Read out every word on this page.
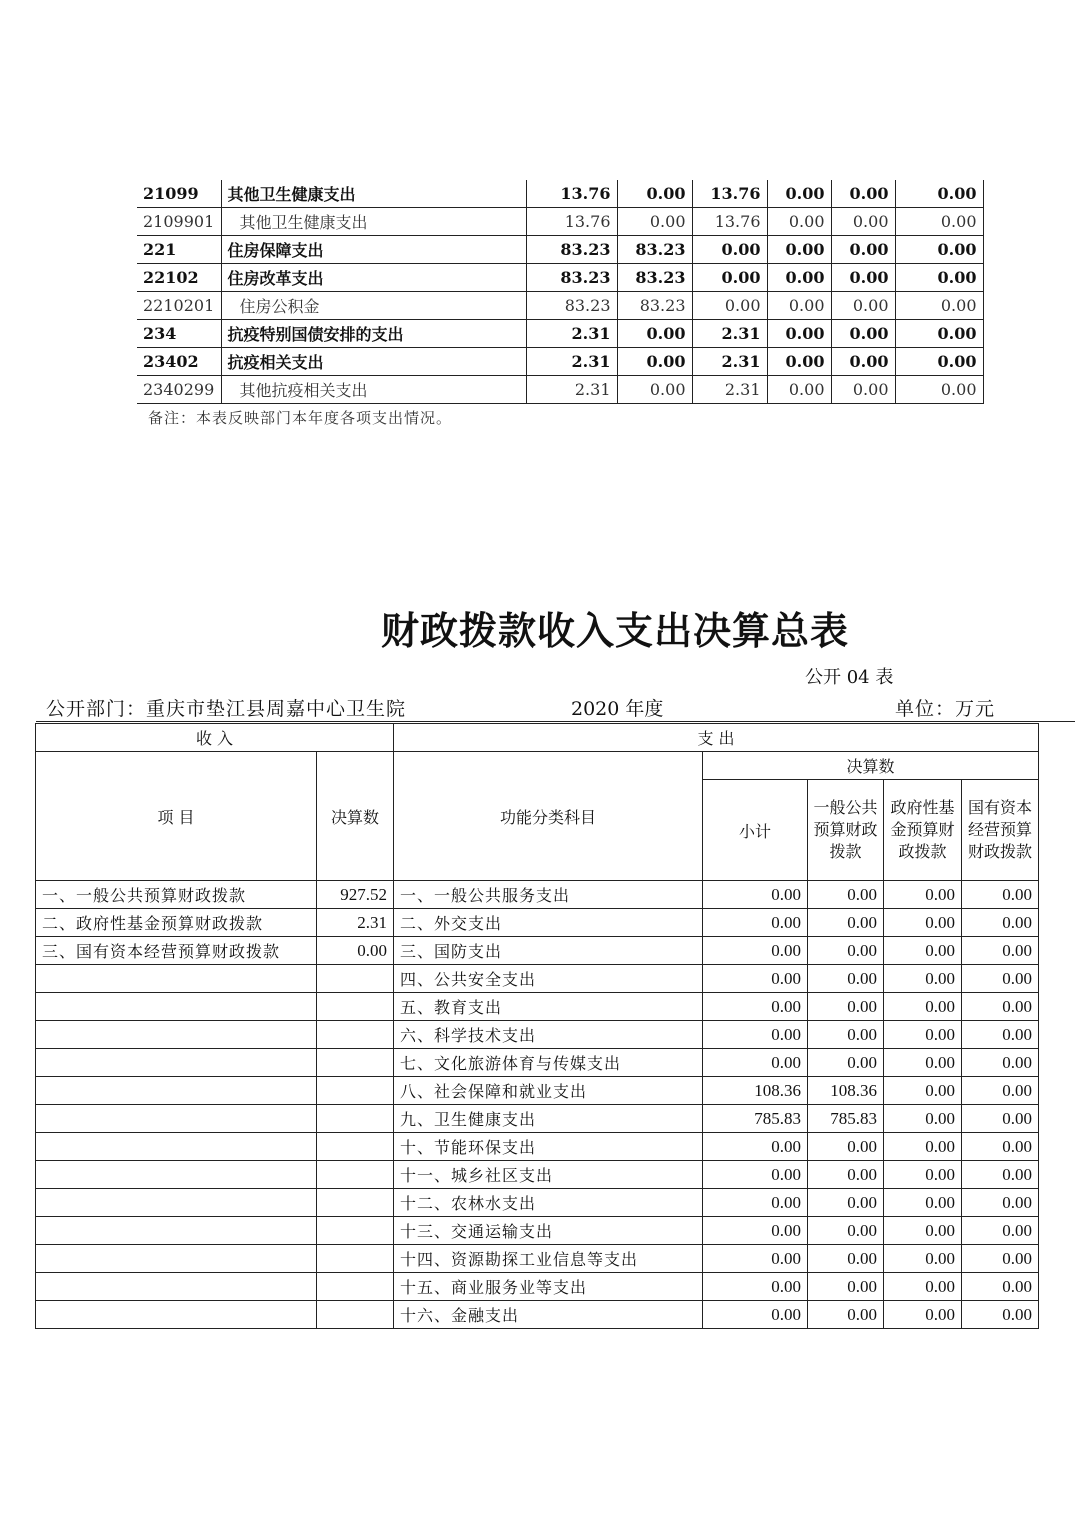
21099	其他卫生健康支出	13.76	0.00	13.76	0.00	0.00	0.00
2109901	其他卫生健康支出	13.76	0.00	13.76	0.00	0.00	0.00
221	住房保障支出	83.23	83.23	0.00	0.00	0.00	0.00
22102	住房改革支出	83.23	83.23	0.00	0.00	0.00	0.00
2210201	住房公积金	83.23	83.23	0.00	0.00	0.00	0.00
234	抗疫特别国债安排的支出	2.31	0.00	2.31	0.00	0.00	0.00
23402	抗疫相关支出	2.31	0.00	2.31	0.00	0.00	0.00
2340299	其他抗疫相关支出	2.31	0.00	2.31	0.00	0.00	0.00
备注：本表反映部门本年度各项支出情况。
财政拨款收入支出决算总表
公开 04 表
公开部门：重庆市垫江县周嘉中心卫生院	2020 年度	单位：万元
收 入		支 出				
项 目	决算数	功能分类科目	决算数			
			小计	一般公共预算财政拨款	政府性基金预算财政拨款	国有资本经营预算财政拨款
一、一般公共预算财政拨款	927.52	一、一般公共服务支出	0.00	0.00	0.00	0.00
二、政府性基金预算财政拨款	2.31	二、外交支出	0.00	0.00	0.00	0.00
三、国有资本经营预算财政拨款	0.00	三、国防支出	0.00	0.00	0.00	0.00
		四、公共安全支出	0.00	0.00	0.00	0.00
		五、教育支出	0.00	0.00	0.00	0.00
		六、科学技术支出	0.00	0.00	0.00	0.00
		七、文化旅游体育与传媒支出	0.00	0.00	0.00	0.00
		八、社会保障和就业支出	108.36	108.36	0.00	0.00
		九、卫生健康支出	785.83	785.83	0.00	0.00
		十、节能环保支出	0.00	0.00	0.00	0.00
		十一、城乡社区支出	0.00	0.00	0.00	0.00
		十二、农林水支出	0.00	0.00	0.00	0.00
		十三、交通运输支出	0.00	0.00	0.00	0.00
		十四、资源勘探工业信息等支出	0.00	0.00	0.00	0.00
		十五、商业服务业等支出	0.00	0.00	0.00	0.00
		十六、金融支出	0.00	0.00	0.00	0.00
